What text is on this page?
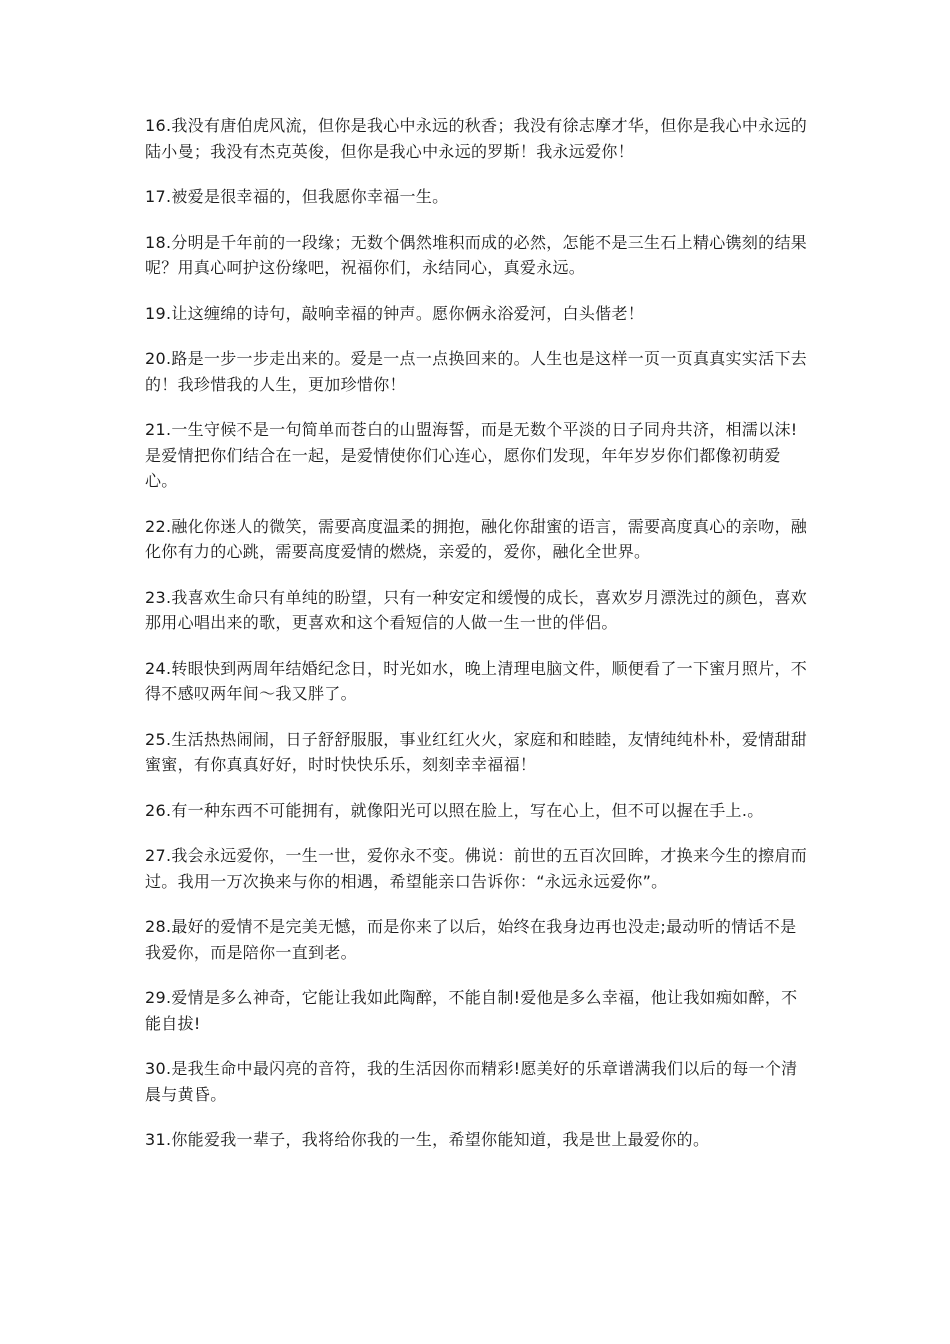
16.我没有唐伯虎风流，但你是我心中永远的秋香；我没有徐志摩才华，但你是我心中永远的陆小曼；我没有杰克英俊，但你是我心中永远的罗斯！我永远爱你！

17.被爱是很幸福的，但我愿你幸福一生。

18.分明是千年前的一段缘；无数个偶然堆积而成的必然，怎能不是三生石上精心镌刻的结果呢？用真心呵护这份缘吧，祝福你们，永结同心，真爱永远。

19.让这缠绵的诗句，敲响幸福的钟声。愿你俩永浴爱河，白头偕老！

20.路是一步一步走出来的。爱是一点一点换回来的。人生也是这样一页一页真真实实活下去的！我珍惜我的人生，更加珍惜你！

21.一生守候不是一句简单而苍白的山盟海誓，而是无数个平淡的日子同舟共济，相濡以沫!是爱情把你们结合在一起，是爱情使你们心连心，愿你们发现，年年岁岁你们都像初萌爱心。

22.融化你迷人的微笑，需要高度温柔的拥抱，融化你甜蜜的语言，需要高度真心的亲吻，融化你有力的心跳，需要高度爱情的燃烧，亲爱的，爱你，融化全世界。

23.我喜欢生命只有单纯的盼望，只有一种安定和缓慢的成长，喜欢岁月漂洗过的颜色，喜欢那用心唱出来的歌，更喜欢和这个看短信的人做一生一世的伴侣。

24.转眼快到两周年结婚纪念日，时光如水，晚上清理电脑文件，顺便看了一下蜜月照片，不得不感叹两年间～我又胖了。

25.生活热热闹闹，日子舒舒服服，事业红红火火，家庭和和睦睦，友情纯纯朴朴，爱情甜甜蜜蜜，有你真真好好，时时快快乐乐，刻刻幸幸福福！

26.有一种东西不可能拥有，就像阳光可以照在脸上，写在心上，但不可以握在手上.。

27.我会永远爱你，一生一世，爱你永不变。佛说：前世的五百次回眸，才换来今生的擦肩而过。我用一万次换来与你的相遇，希望能亲口告诉你：“永远永远爱你”。

28.最好的爱情不是完美无憾，而是你来了以后，始终在我身边再也没走;最动听的情话不是我爱你，而是陪你一直到老。

29.爱情是多么神奇，它能让我如此陶醉，不能自制!爱他是多么幸福，他让我如痴如醉，不能自拔!

30.是我生命中最闪亮的音符，我的生活因你而精彩!愿美好的乐章谱满我们以后的每一个清晨与黄昏。

31.你能爱我一辈子，我将给你我的一生，希望你能知道，我是世上最爱你的。
